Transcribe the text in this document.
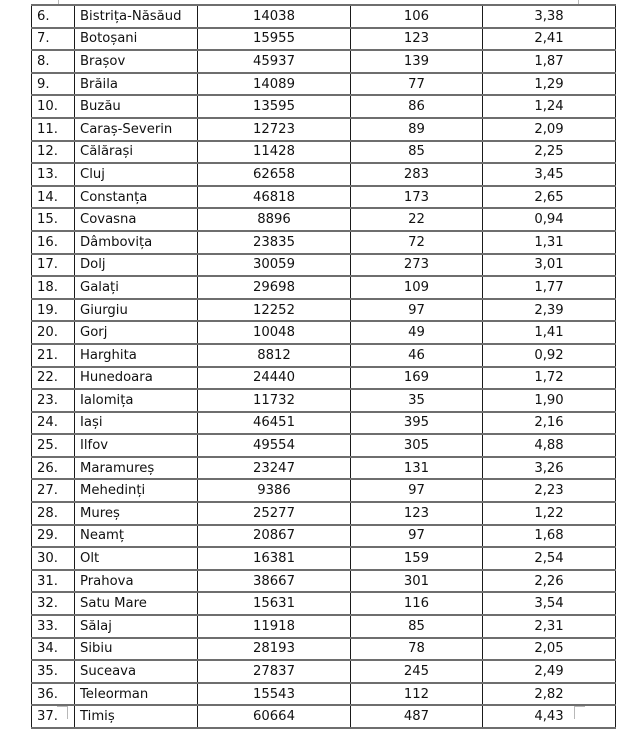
6.	Bistrița-Năsăud	14038	106	3,38
7.	Botoșani	15955	123	2,41
8.	Brașov	45937	139	1,87
9.	Brăila	14089	77	1,29
10.	Buzău	13595	86	1,24
11.	Caraș-Severin	12723	89	2,09
12.	Călărași	11428	85	2,25
13.	Cluj	62658	283	3,45
14.	Constanța	46818	173	2,65
15.	Covasna	8896	22	0,94
16.	Dâmbovița	23835	72	1,31
17.	Dolj	30059	273	3,01
18.	Galați	29698	109	1,77
19.	Giurgiu	12252	97	2,39
20.	Gorj	10048	49	1,41
21.	Harghita	8812	46	0,92
22.	Hunedoara	24440	169	1,72
23.	Ialomița	11732	35	1,90
24.	Iași	46451	395	2,16
25.	Ilfov	49554	305	4,88
26.	Maramureș	23247	131	3,26
27.	Mehedinți	9386	97	2,23
28.	Mureș	25277	123	1,22
29.	Neamț	20867	97	1,68
30.	Olt	16381	159	2,54
31.	Prahova	38667	301	2,26
32.	Satu Mare	15631	116	3,54
33.	Sălaj	11918	85	2,31
34.	Sibiu	28193	78	2,05
35.	Suceava	27837	245	2,49
36.	Teleorman	15543	112	2,82
37.	Timiș	60664	487	4,43
